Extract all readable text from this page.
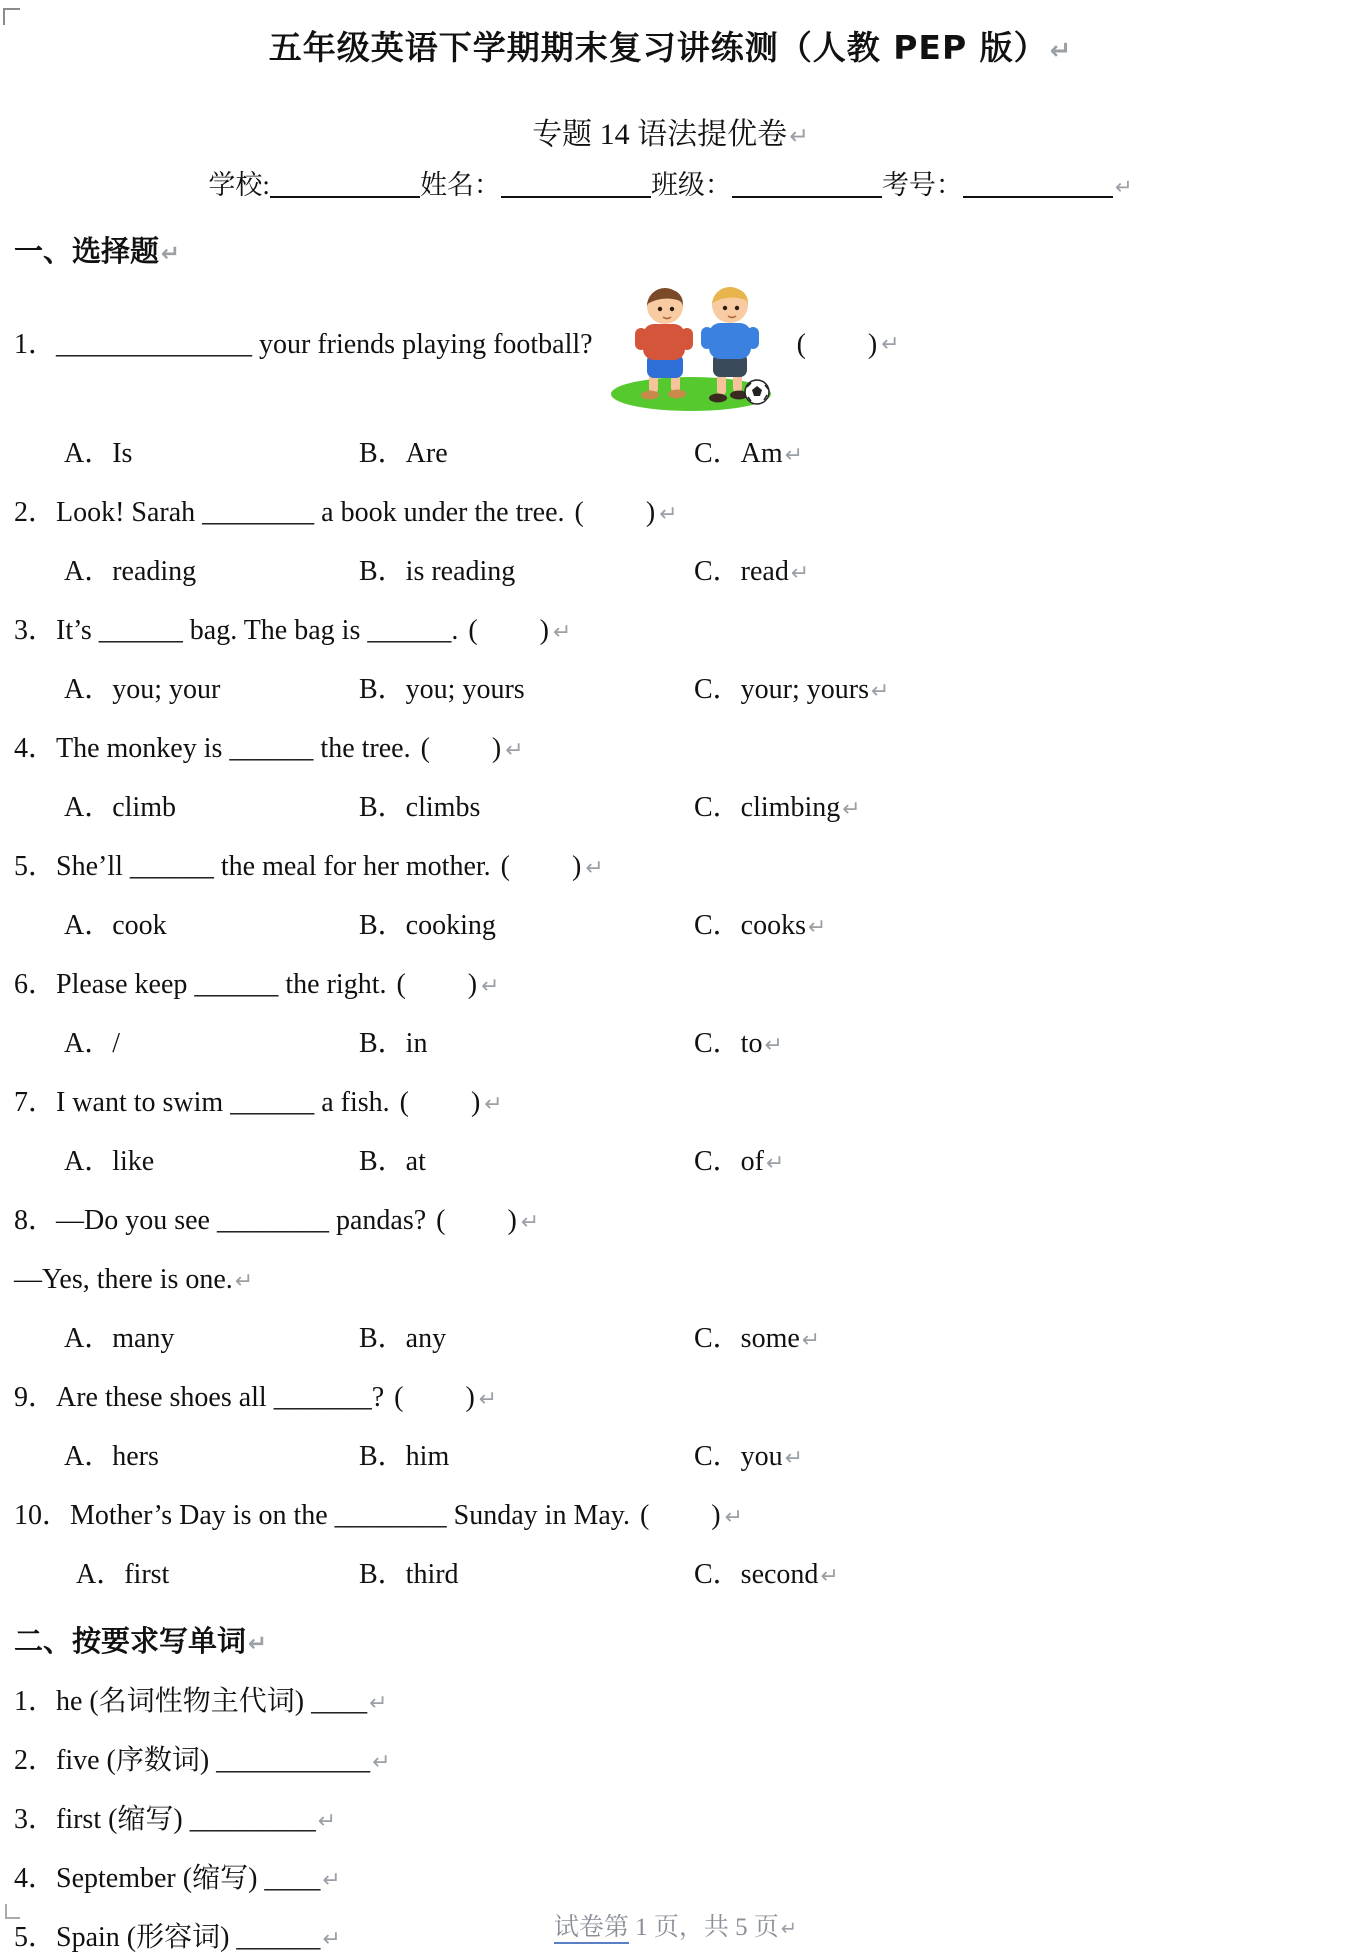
五年级英语下学期期末复习讲练测（人教 PEP 版）↵
专题 14 语法提优卷↵
学校:	姓名：	班级：	考号：	↵
一、选择题↵
1．______________ your friends playing football?	(　　) ↵
A．Is	B．Are	C．Am↵
2．Look! Sarah ________ a book under the tree. (　　)↵
A．reading	B．is reading	C．read↵
3．It’s ______ bag. The bag is ______. (　　)↵
A．you; your	B．you; yours	C．your; yours↵
4．The monkey is ______ the tree. (　　)↵
A．climb	B．climbs	C．climbing↵
5．She’ll ______ the meal for her mother. (　　)↵
A．cook	B．cooking	C．cooks↵
6．Please keep ______ the right. (　　)↵
A．/	B．in	C．to↵
7．I want to swim ______ a fish. (　　)↵
A．like	B．at	C．of↵
8．—Do you see ________ pandas? (　　)↵
—Yes, there is one.↵
A．many	B．any	C．some↵
9．Are these shoes all _______? (　　)↵
A．hers	B．him	C．you↵
10．Mother’s Day is on the ________ Sunday in May. (　　)↵
A．first	B．third	C．second↵
二、按要求写单词↵
1．he (名词性物主代词) ____↵
2．five (序数词) ___________↵
3．first (缩写) _________↵
4．September (缩写) ____↵
5．Spain (形容词) ______↵	试卷第 1 页，共 5 页 ↵
